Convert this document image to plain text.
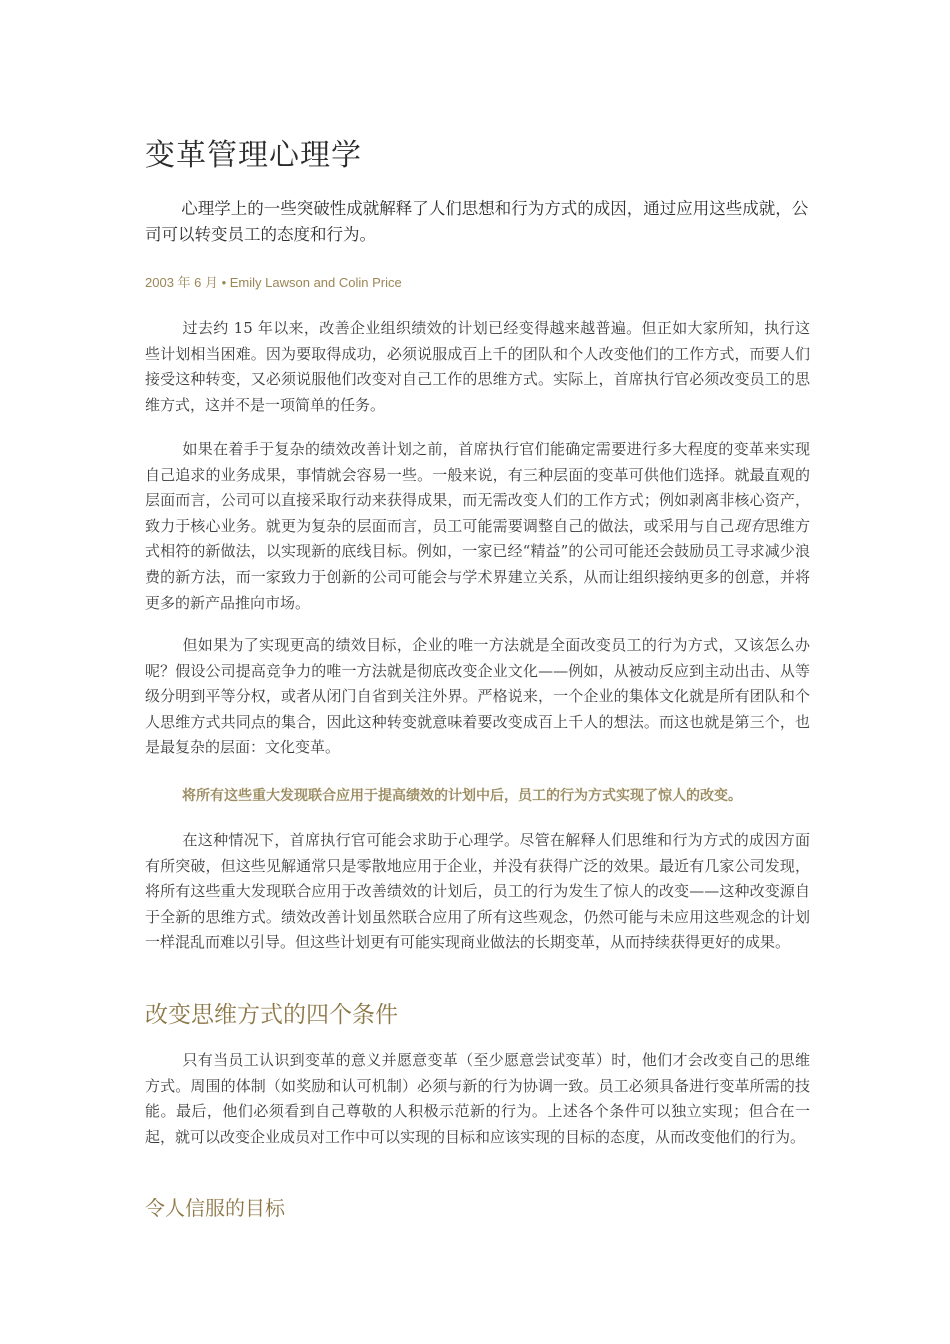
变革管理心理学

心理学上的一些突破性成就解释了人们思想和行为方式的成因，通过应用这些成就，公司可以转变员工的态度和行为。

2003 年 6 月 • Emily Lawson and Colin Price

过去约 15 年以来，改善企业组织绩效的计划已经变得越来越普遍。但正如大家所知，执行这些计划相当困难。因为要取得成功，必须说服成百上千的团队和个人改变他们的工作方式，而要人们接受这种转变，又必须说服他们改变对自己工作的思维方式。实际上，首席执行官必须改变员工的思维方式，这并不是一项简单的任务。

如果在着手于复杂的绩效改善计划之前，首席执行官们能确定需要进行多大程度的变革来实现自己追求的业务成果，事情就会容易一些。一般来说，有三种层面的变革可供他们选择。就最直观的层面而言，公司可以直接采取行动来获得成果，而无需改变人们的工作方式；例如剥离非核心资产，致力于核心业务。就更为复杂的层面而言，员工可能需要调整自己的做法，或采用与自己现有思维方式相符的新做法，以实现新的底线目标。例如，一家已经“精益”的公司可能还会鼓励员工寻求减少浪费的新方法，而一家致力于创新的公司可能会与学术界建立关系，从而让组织接纳更多的创意，并将更多的新产品推向市场。

但如果为了实现更高的绩效目标，企业的唯一方法就是全面改变员工的行为方式，又该怎么办呢？假设公司提高竞争力的唯一方法就是彻底改变企业文化——例如，从被动反应到主动出击、从等级分明到平等分权，或者从闭门自省到关注外界。严格说来，一个企业的集体文化就是所有团队和个人思维方式共同点的集合，因此这种转变就意味着要改变成百上千人的想法。而这也就是第三个，也是最复杂的层面：文化变革。

将所有这些重大发现联合应用于提高绩效的计划中后，员工的行为方式实现了惊人的改变。

在这种情况下，首席执行官可能会求助于心理学。尽管在解释人们思维和行为方式的成因方面有所突破，但这些见解通常只是零散地应用于企业，并没有获得广泛的效果。最近有几家公司发现，将所有这些重大发现联合应用于改善绩效的计划后，员工的行为发生了惊人的改变——这种改变源自于全新的思维方式。绩效改善计划虽然联合应用了所有这些观念，仍然可能与未应用这些观念的计划一样混乱而难以引导。但这些计划更有可能实现商业做法的长期变革，从而持续获得更好的成果。

改变思维方式的四个条件

只有当员工认识到变革的意义并愿意变革（至少愿意尝试变革）时，他们才会改变自己的思维方式。周围的体制（如奖励和认可机制）必须与新的行为协调一致。员工必须具备进行变革所需的技能。最后，他们必须看到自己尊敬的人积极示范新的行为。上述各个条件可以独立实现；但合在一起，就可以改变企业成员对工作中可以实现的目标和应该实现的目标的态度，从而改变他们的行为。

令人信服的目标
